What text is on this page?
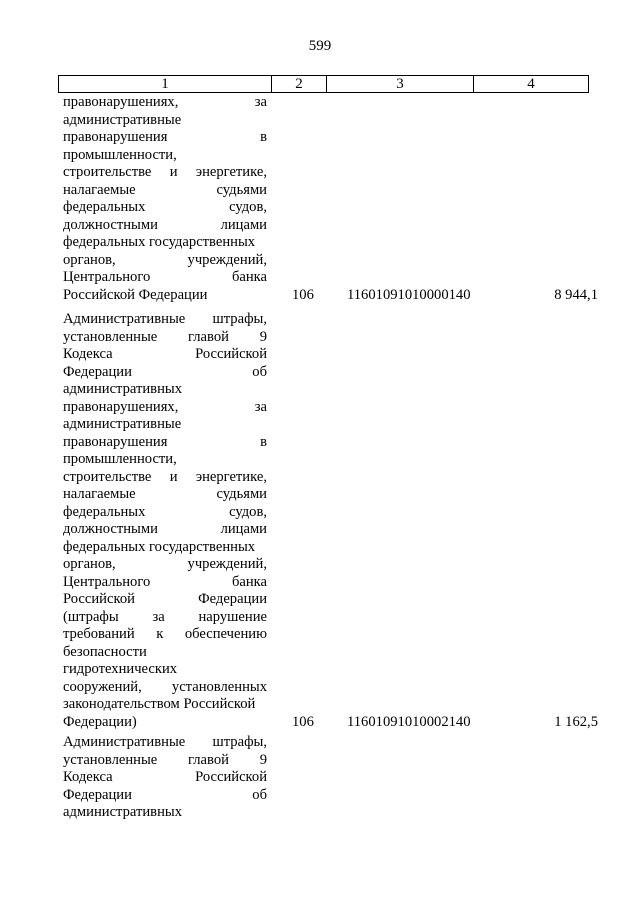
599
1	2	3	4
правонарушениях,	за
административные
правонарушения	в
промышленности,
строительстве и энергетике,
налагаемые	судьями
федеральных	судов,
должностными	лицами
федеральных государственных
органов,	учреждений,
Центрального	банка
Российской Федерации	106 11601091010000140	8 944,1
Административные штрафы,
установленные главой 9
Кодекса	Российской
Федерации	об
административных
правонарушениях,	за
административные
правонарушения	в
промышленности,
строительстве и энергетике,
налагаемые	судьями
федеральных	судов,
должностными	лицами
федеральных государственных
органов,	учреждений,
Центрального	банка
Российской	Федерации
(штрафы за нарушение
требований к обеспечению
безопасности
гидротехнических
сооружений, установленных
законодательством Российской
Федерации)	106 11601091010002140	1 162,5
Административные штрафы,
установленные главой 9
Кодекса	Российской
Федерации	об
административных
